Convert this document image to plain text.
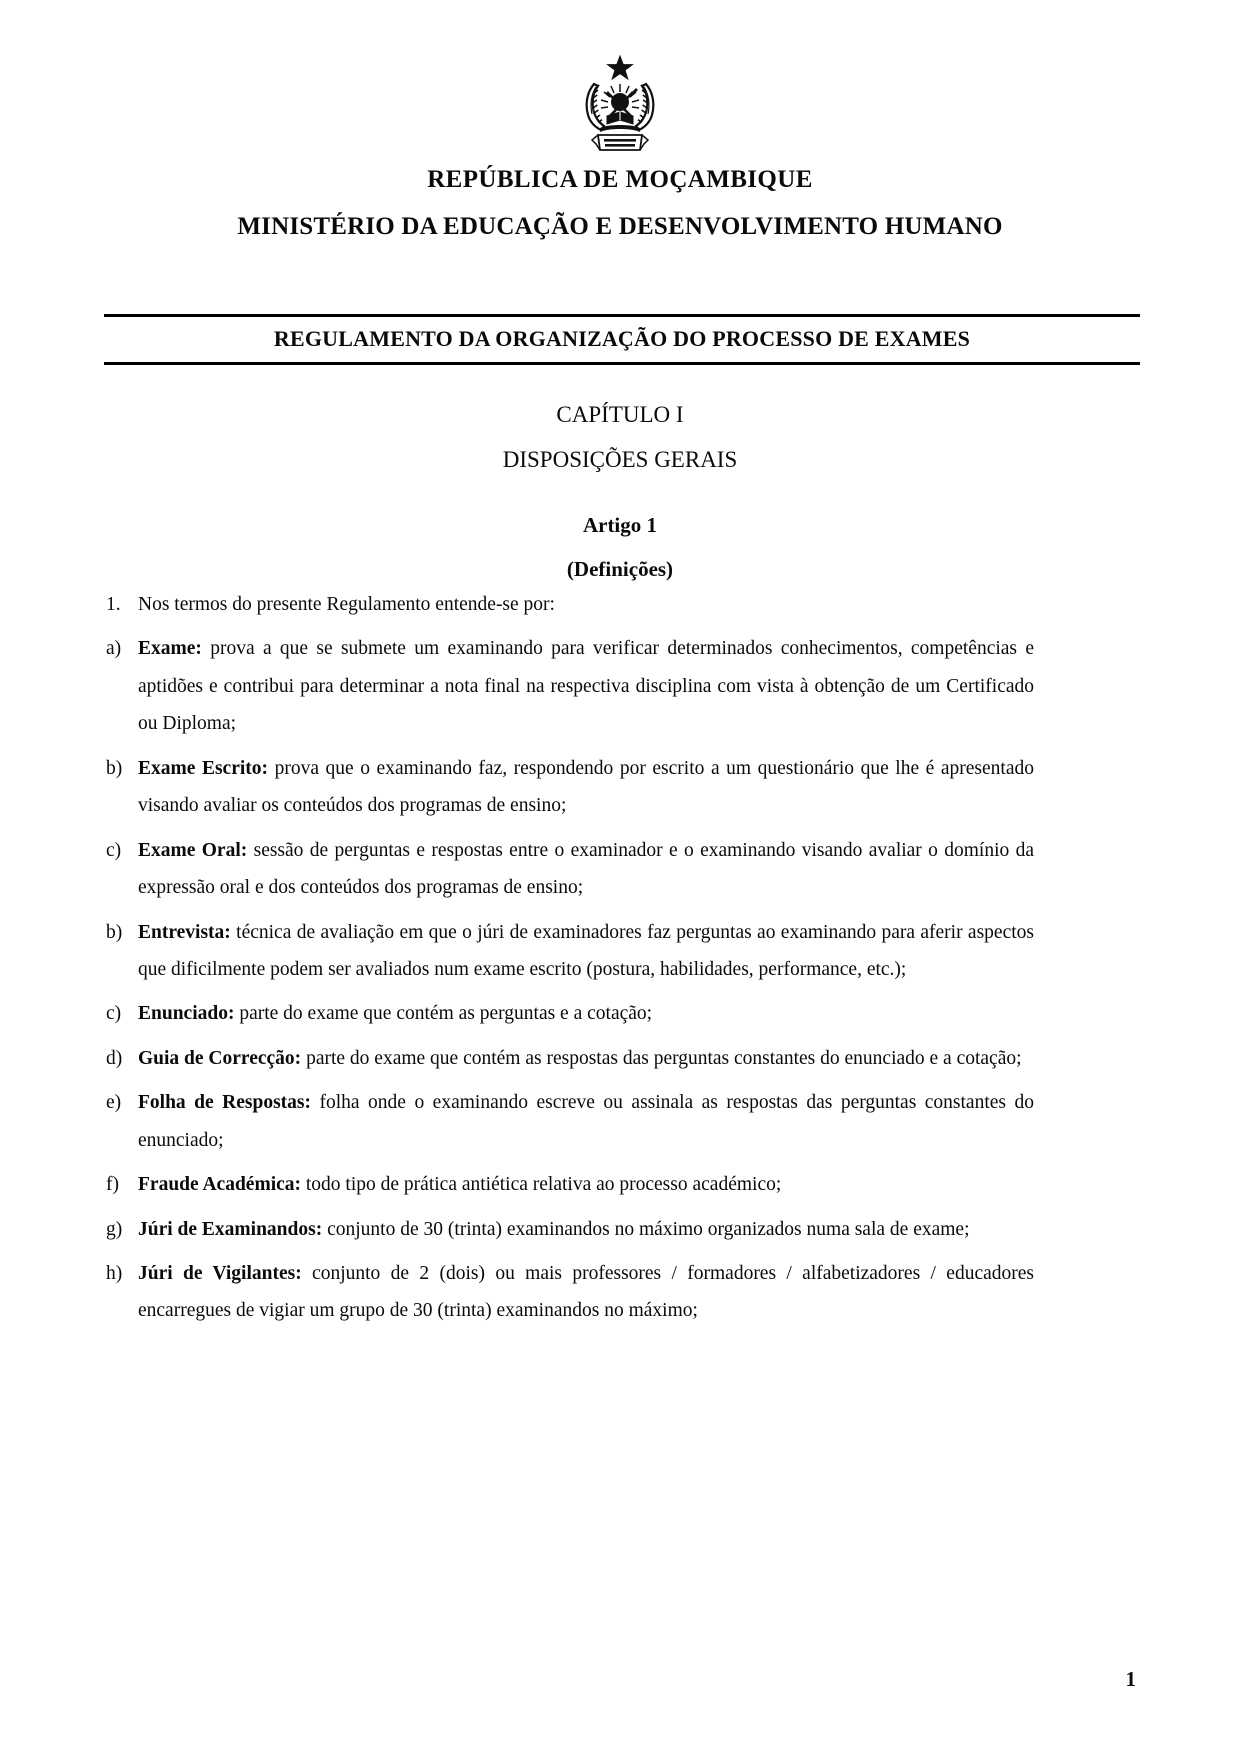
REPÚBLICA DE MOÇAMBIQUE
MINISTÉRIO DA EDUCAÇÃO E DESENVOLVIMENTO HUMANO
REGULAMENTO DA ORGANIZAÇÃO DO PROCESSO DE EXAMES
CAPÍTULO I
DISPOSIÇÕES GERAIS
Artigo 1
(Definições)
1. Nos termos do presente Regulamento entende-se por:
a) Exame: prova a que se submete um examinando para verificar determinados conhecimentos, competências e aptidões e contribui para determinar a nota final na respectiva disciplina com vista à obtenção de um Certificado ou Diploma;
b) Exame Escrito: prova que o examinando faz, respondendo por escrito a um questionário que lhe é apresentado visando avaliar os conteúdos dos programas de ensino;
c) Exame Oral: sessão de perguntas e respostas entre o examinador e o examinando visando avaliar o domínio da expressão oral e dos conteúdos dos programas de ensino;
b) Entrevista: técnica de avaliação em que o júri de examinadores faz perguntas ao examinando para aferir aspectos que dificilmente podem ser avaliados num exame escrito (postura, habilidades, performance, etc.);
c) Enunciado: parte do exame que contém as perguntas e a cotação;
d) Guia de Correcção: parte do exame que contém as respostas das perguntas constantes do enunciado e a cotação;
e) Folha de Respostas: folha onde o examinando escreve ou assinala as respostas das perguntas constantes do enunciado;
f) Fraude Académica: todo tipo de prática antiética relativa ao processo académico;
g) Júri de Examinandos: conjunto de 30 (trinta) examinandos no máximo organizados numa sala de exame;
h) Júri de Vigilantes: conjunto de 2 (dois) ou mais professores / formadores / alfabetizadores / educadores encarregues de vigiar um grupo de 30 (trinta) examinandos no máximo;
1
